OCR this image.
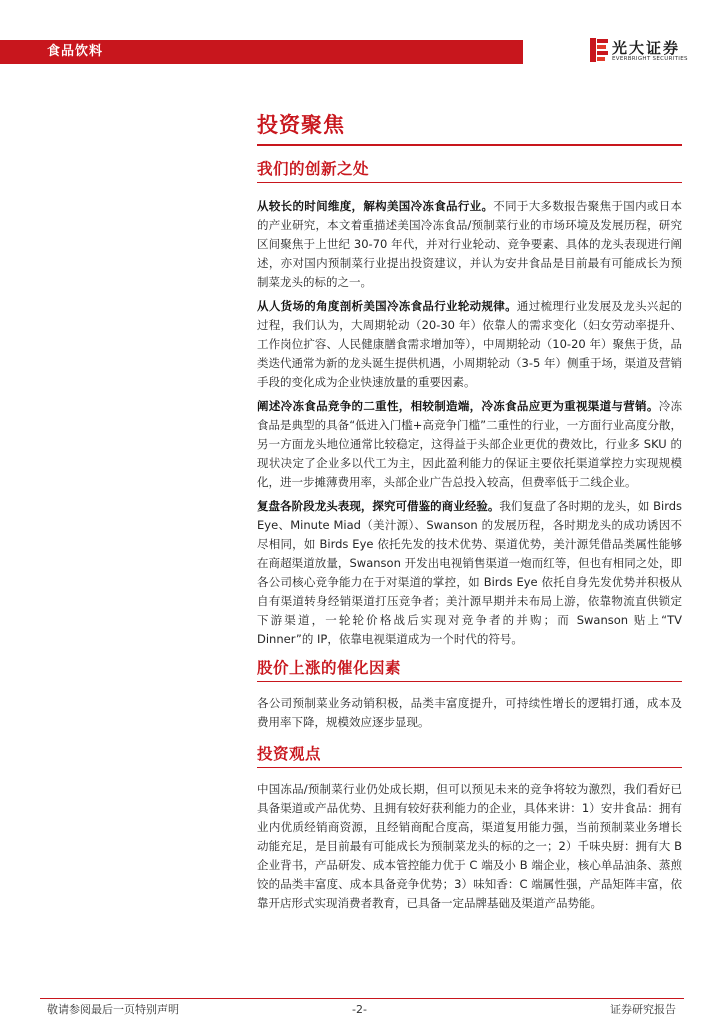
食品饮料	光大证券
EVERBRIGHT SECURITIES
投资聚焦
我们的创新之处

从较长的时间维度，解构美国冷冻食品行业。不同于大多数报告聚焦于国内或日本的产业研究，本文着重描述美国冷冻食品/预制菜行业的市场环境及发展历程，研究区间聚焦于上世纪 30-70 年代，并对行业轮动、竞争要素、具体的龙头表现进行阐述，亦对国内预制菜行业提出投资建议，并认为安井食品是目前最有可能成长为预制菜龙头的标的之一。

从人货场的角度剖析美国冷冻食品行业轮动规律。通过梳理行业发展及龙头兴起的过程，我们认为，大周期轮动（20-30 年）依靠人的需求变化（妇女劳动率提升、工作岗位扩容、人民健康膳食需求增加等），中周期轮动（10-20 年）聚焦于货，品类迭代通常为新的龙头诞生提供机遇，小周期轮动（3-5 年）侧重于场，渠道及营销手段的变化成为企业快速放量的重要因素。

阐述冷冻食品竞争的二重性，相较制造端，冷冻食品应更为重视渠道与营销。冷冻食品是典型的具备“低进入门槛+高竞争门槛”二重性的行业，一方面行业高度分散，另一方面龙头地位通常比较稳定，这得益于头部企业更优的费效比，行业多 SKU 的现状决定了企业多以代工为主，因此盈利能力的保证主要依托渠道掌控力实现规模化，进一步摊薄费用率，头部企业广告总投入较高，但费率低于二线企业。

复盘各阶段龙头表现，探究可借鉴的商业经验。我们复盘了各时期的龙头，如 Birds Eye、Minute Miad（美汁源）、Swanson 的发展历程，各时期龙头的成功诱因不尽相同，如 Birds Eye 依托先发的技术优势、渠道优势，美汁源凭借品类属性能够在商超渠道放量，Swanson 开发出电视销售渠道一炮而红等，但也有相同之处，即各公司核心竞争能力在于对渠道的掌控，如 Birds Eye 依托自身先发优势并积极从自有渠道转身经销渠道打压竞争者；美汁源早期并未布局上游，依靠物流直供锁定下游渠道，一轮轮价格战后实现对竞争者的并购；而 Swanson 贴上“TV Dinner”的 IP，依靠电视渠道成为一个时代的符号。

股价上涨的催化因素

各公司预制菜业务动销积极，品类丰富度提升，可持续性增长的逻辑打通，成本及费用率下降，规模效应逐步显现。

投资观点

中国冻品/预制菜行业仍处成长期，但可以预见未来的竞争将较为激烈，我们看好已具备渠道或产品优势、且拥有较好获利能力的企业，具体来讲：1）安井食品：拥有业内优质经销商资源，且经销商配合度高，渠道复用能力强，当前预制菜业务增长动能充足，是目前最有可能成长为预制菜龙头的标的之一；2）千味央厨：拥有大 B 企业背书，产品研发、成本管控能力优于 C 端及小 B 端企业，核心单品油条、蒸煎饺的品类丰富度、成本具备竞争优势；3）味知香：C 端属性强，产品矩阵丰富，依靠开店形式实现消费者教育，已具备一定品牌基础及渠道产品势能。

敬请参阅最后一页特别声明	-2-	证券研究报告
